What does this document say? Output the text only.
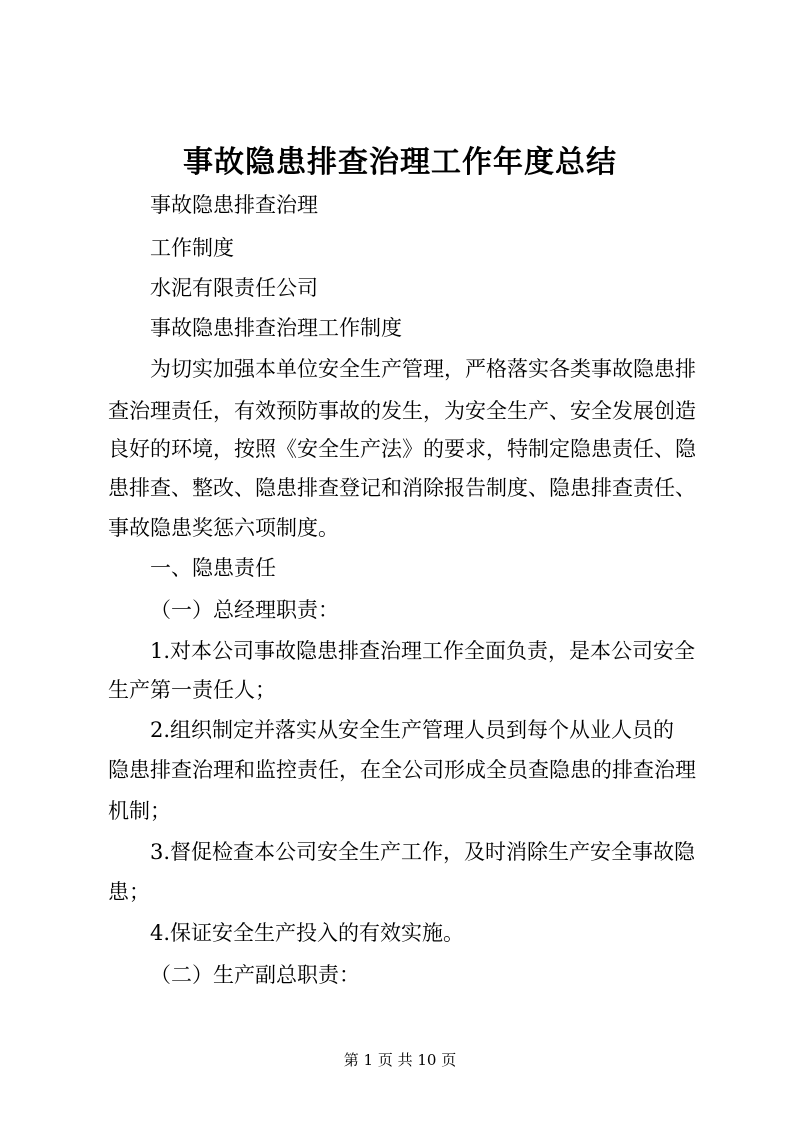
事故隐患排查治理工作年度总结
事故隐患排查治理
工作制度
水泥有限责任公司
事故隐患排查治理工作制度
为切实加强本单位安全生产管理，严格落实各类事故隐患排
查治理责任，有效预防事故的发生，为安全生产、安全发展创造
良好的环境，按照《安全生产法》的要求，特制定隐患责任、隐
患排查、整改、隐患排查登记和消除报告制度、隐患排查责任、
事故隐患奖惩六项制度。
一、隐患责任
（一）总经理职责：
1.对本公司事故隐患排查治理工作全面负责，是本公司安全
生产第一责任人；
2.组织制定并落实从安全生产管理人员到每个从业人员的
隐患排查治理和监控责任，在全公司形成全员查隐患的排查治理
机制；
3.督促检查本公司安全生产工作，及时消除生产安全事故隐
患；
4.保证安全生产投入的有效实施。
（二）生产副总职责：
第 1 页 共 10 页
